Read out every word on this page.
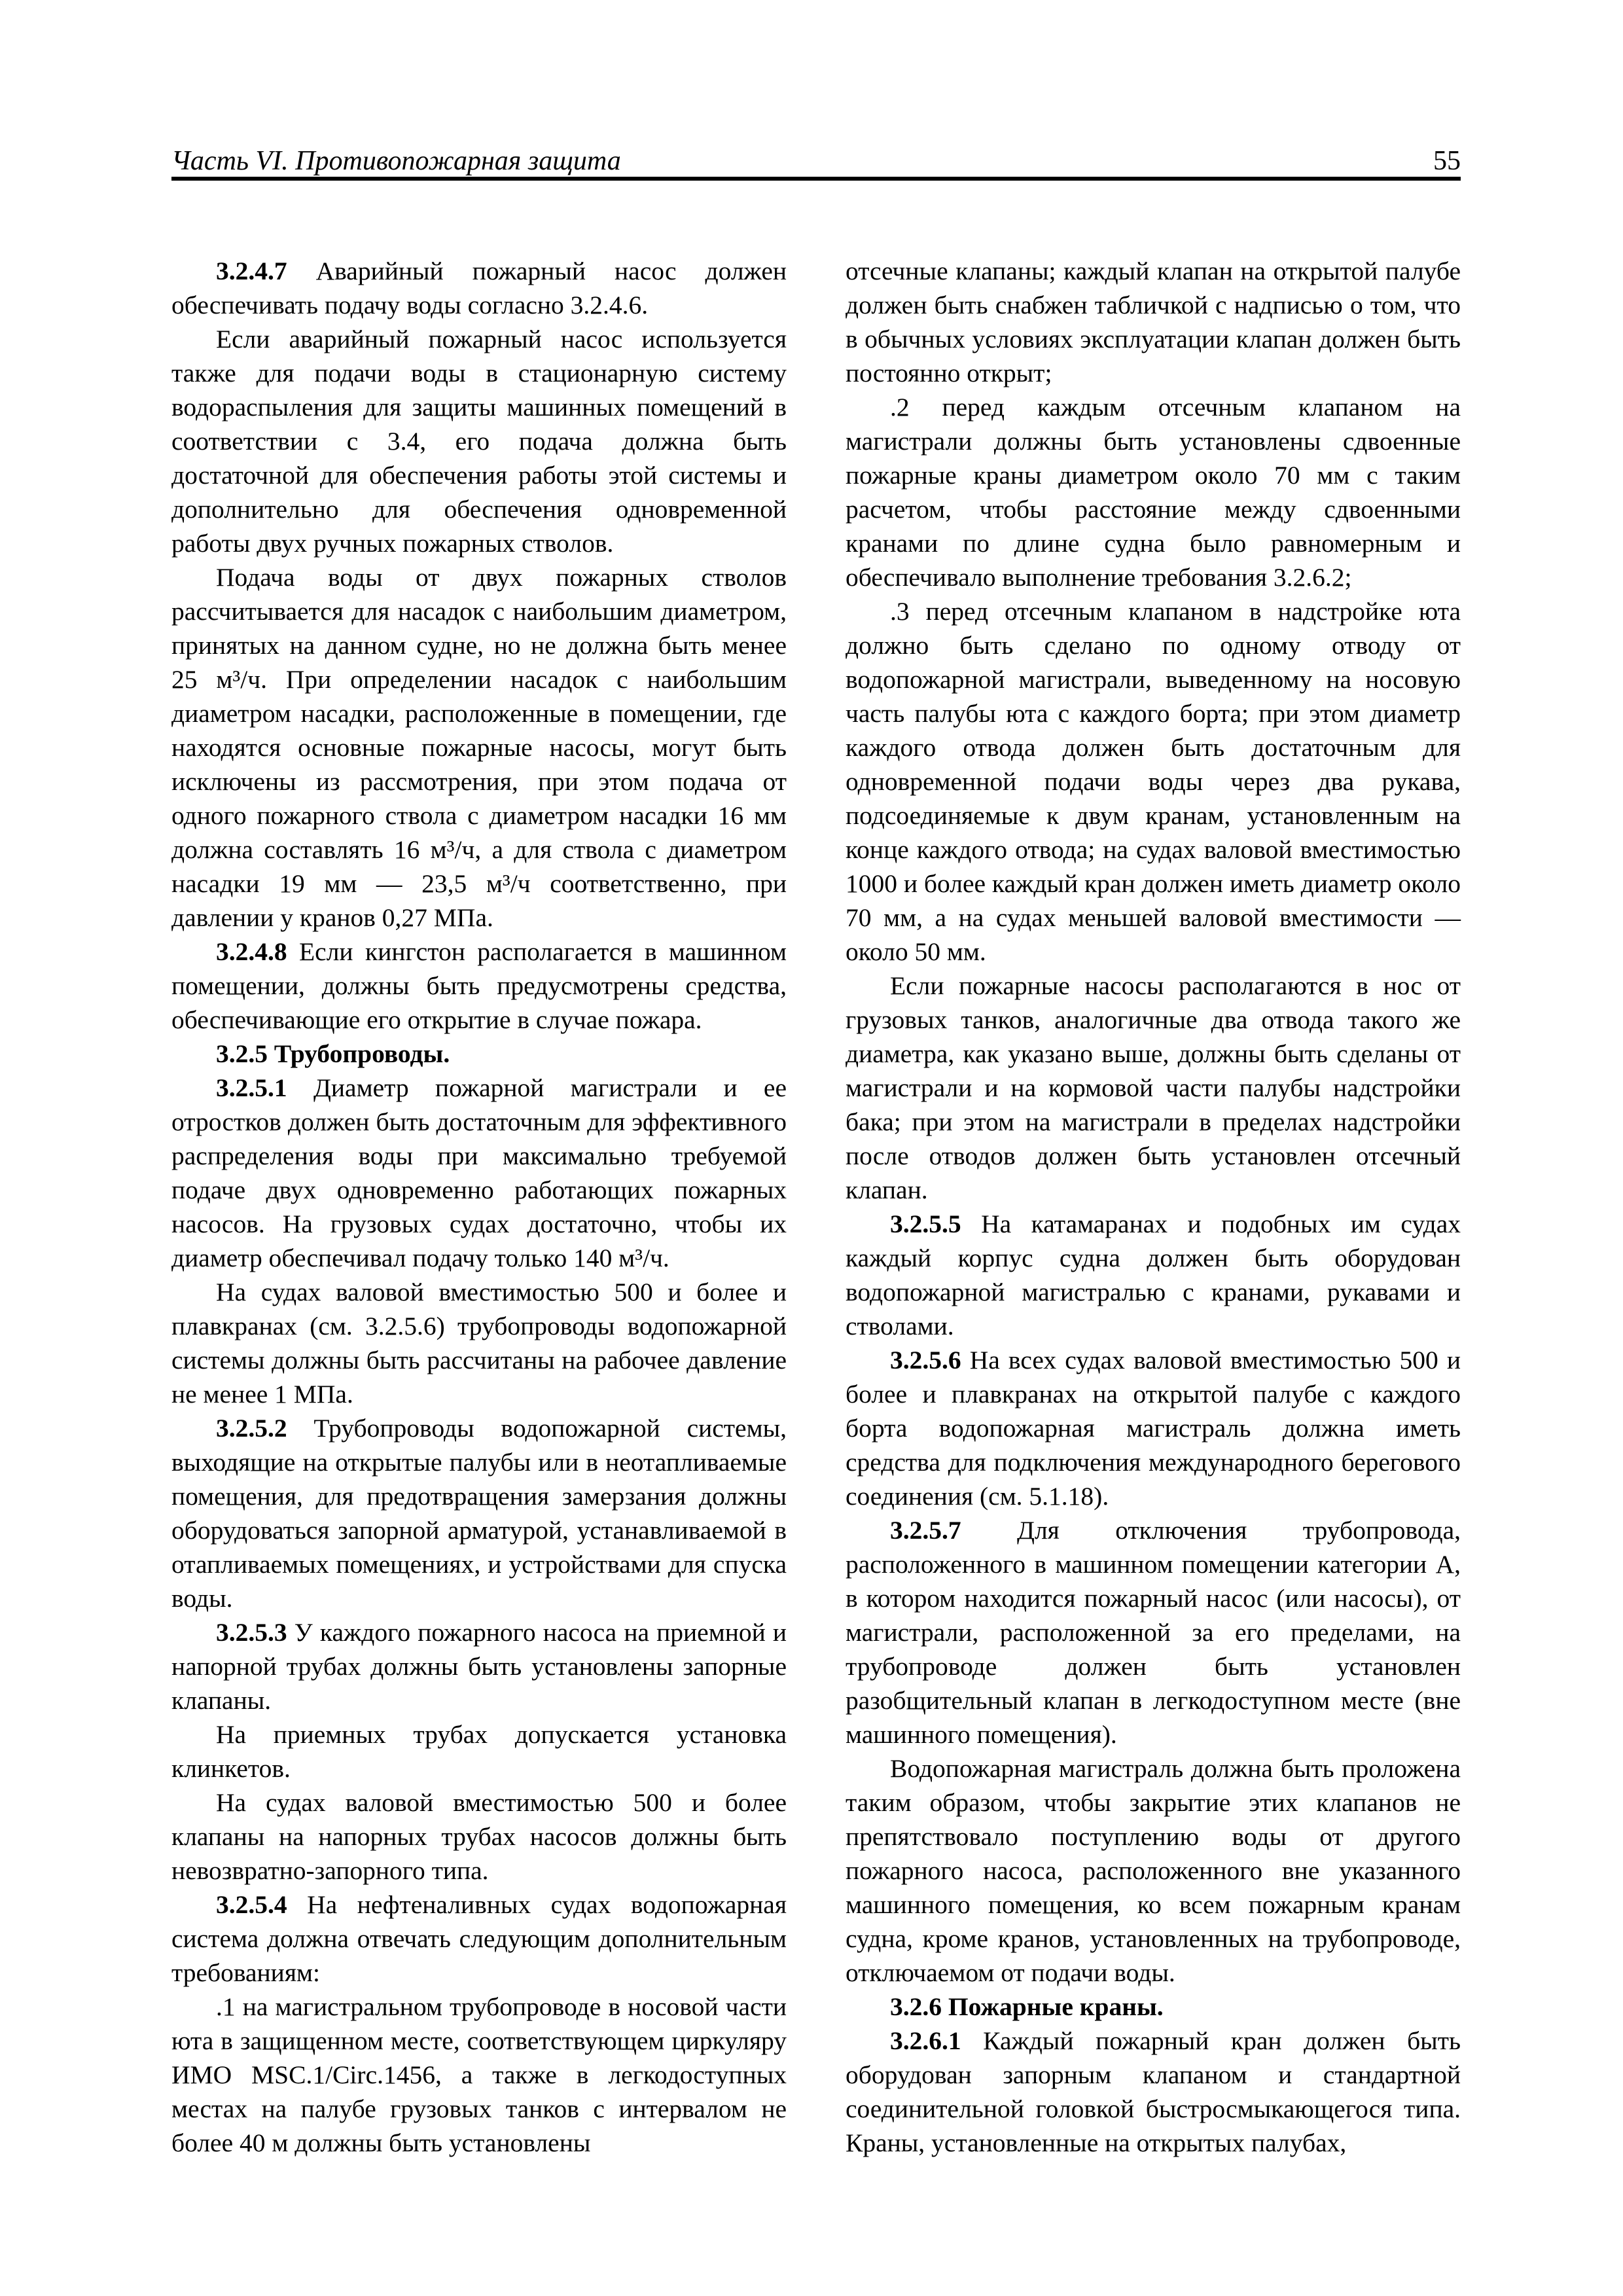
Часть VI. Противопожарная защита	55

3.2.4.7 Аварийный пожарный насос должен обеспечивать подачу воды согласно 3.2.4.6.

Если аварийный пожарный насос используется также для подачи воды в стационарную систему водораспыления для защиты машинных помещений в соответствии с 3.4, его подача должна быть достаточной для обеспечения работы этой системы и дополнительно для обеспечения одновременной работы двух ручных пожарных стволов.

Подача воды от двух пожарных стволов рассчитывается для насадок с наибольшим диаметром, принятых на данном судне, но не должна быть менее 25 м³/ч. При определении насадок с наибольшим диаметром насадки, расположенные в помещении, где находятся основные пожарные насосы, могут быть исключены из рассмотрения, при этом подача от одного пожарного ствола с диаметром насадки 16 мм должна составлять 16 м³/ч, а для ствола с диаметром насадки 19 мм — 23,5 м³/ч соответственно, при давлении у кранов 0,27 МПа.

3.2.4.8 Если кингстон располагается в машинном помещении, должны быть предусмотрены средства, обеспечивающие его открытие в случае пожара.

3.2.5 Трубопроводы.

3.2.5.1 Диаметр пожарной магистрали и ее отростков должен быть достаточным для эффективного распределения воды при максимально требуемой подаче двух одновременно работающих пожарных насосов. На грузовых судах достаточно, чтобы их диаметр обеспечивал подачу только 140 м³/ч.

На судах валовой вместимостью 500 и более и плавкранах (см. 3.2.5.6) трубопроводы водопожарной системы должны быть рассчитаны на рабочее давление не менее 1 МПа.

3.2.5.2 Трубопроводы водопожарной системы, выходящие на открытые палубы или в неотапливаемые помещения, для предотвращения замерзания должны оборудоваться запорной арматурой, устанавливаемой в отапливаемых помещениях, и устройствами для спуска воды.

3.2.5.3 У каждого пожарного насоса на приемной и напорной трубах должны быть установлены запорные клапаны.

На приемных трубах допускается установка клинкетов.

На судах валовой вместимостью 500 и более клапаны на напорных трубах насосов должны быть невозвратно-запорного типа.

3.2.5.4 На нефтеналивных судах водопожарная система должна отвечать следующим дополнительным требованиям:

.1 на магистральном трубопроводе в носовой части юта в защищенном месте, соответствующем циркуляру ИМО MSC.1/Circ.1456, а также в легкодоступных местах на палубе грузовых танков с интервалом не более 40 м должны быть установлены

отсечные клапаны; каждый клапан на открытой палубе должен быть снабжен табличкой с надписью о том, что в обычных условиях эксплуатации клапан должен быть постоянно открыт;

.2 перед каждым отсечным клапаном на магистрали должны быть установлены сдвоенные пожарные краны диаметром около 70 мм с таким расчетом, чтобы расстояние между сдвоенными кранами по длине судна было равномерным и обеспечивало выполнение требования 3.2.6.2;

.3 перед отсечным клапаном в надстройке юта должно быть сделано по одному отводу от водопожарной магистрали, выведенному на носовую часть палубы юта с каждого борта; при этом диаметр каждого отвода должен быть достаточным для одновременной подачи воды через два рукава, подсоединяемые к двум кранам, установленным на конце каждого отвода; на судах валовой вместимостью 1000 и более каждый кран должен иметь диаметр около 70 мм, а на судах меньшей валовой вместимости — около 50 мм.

Если пожарные насосы располагаются в нос от грузовых танков, аналогичные два отвода такого же диаметра, как указано выше, должны быть сделаны от магистрали и на кормовой части палубы надстройки бака; при этом на магистрали в пределах надстройки после отводов должен быть установлен отсечный клапан.

3.2.5.5 На катамаранах и подобных им судах каждый корпус судна должен быть оборудован водопожарной магистралью с кранами, рукавами и стволами.

3.2.5.6 На всех судах валовой вместимостью 500 и более и плавкранах на открытой палубе с каждого борта водопожарная магистраль должна иметь средства для подключения международного берегового соединения (см. 5.1.18).

3.2.5.7 Для отключения трубопровода, расположенного в машинном помещении категории А, в котором находится пожарный насос (или насосы), от магистрали, расположенной за его пределами, на трубопроводе должен быть установлен разобщительный клапан в легкодоступном месте (вне машинного помещения).

Водопожарная магистраль должна быть проложена таким образом, чтобы закрытие этих клапанов не препятствовало поступлению воды от другого пожарного насоса, расположенного вне указанного машинного помещения, ко всем пожарным кранам судна, кроме кранов, установленных на трубопроводе, отключаемом от подачи воды.

3.2.6 Пожарные краны.

3.2.6.1 Каждый пожарный кран должен быть оборудован запорным клапаном и стандартной соединительной головкой быстросмыкающегося типа. Краны, установленные на открытых палубах,
